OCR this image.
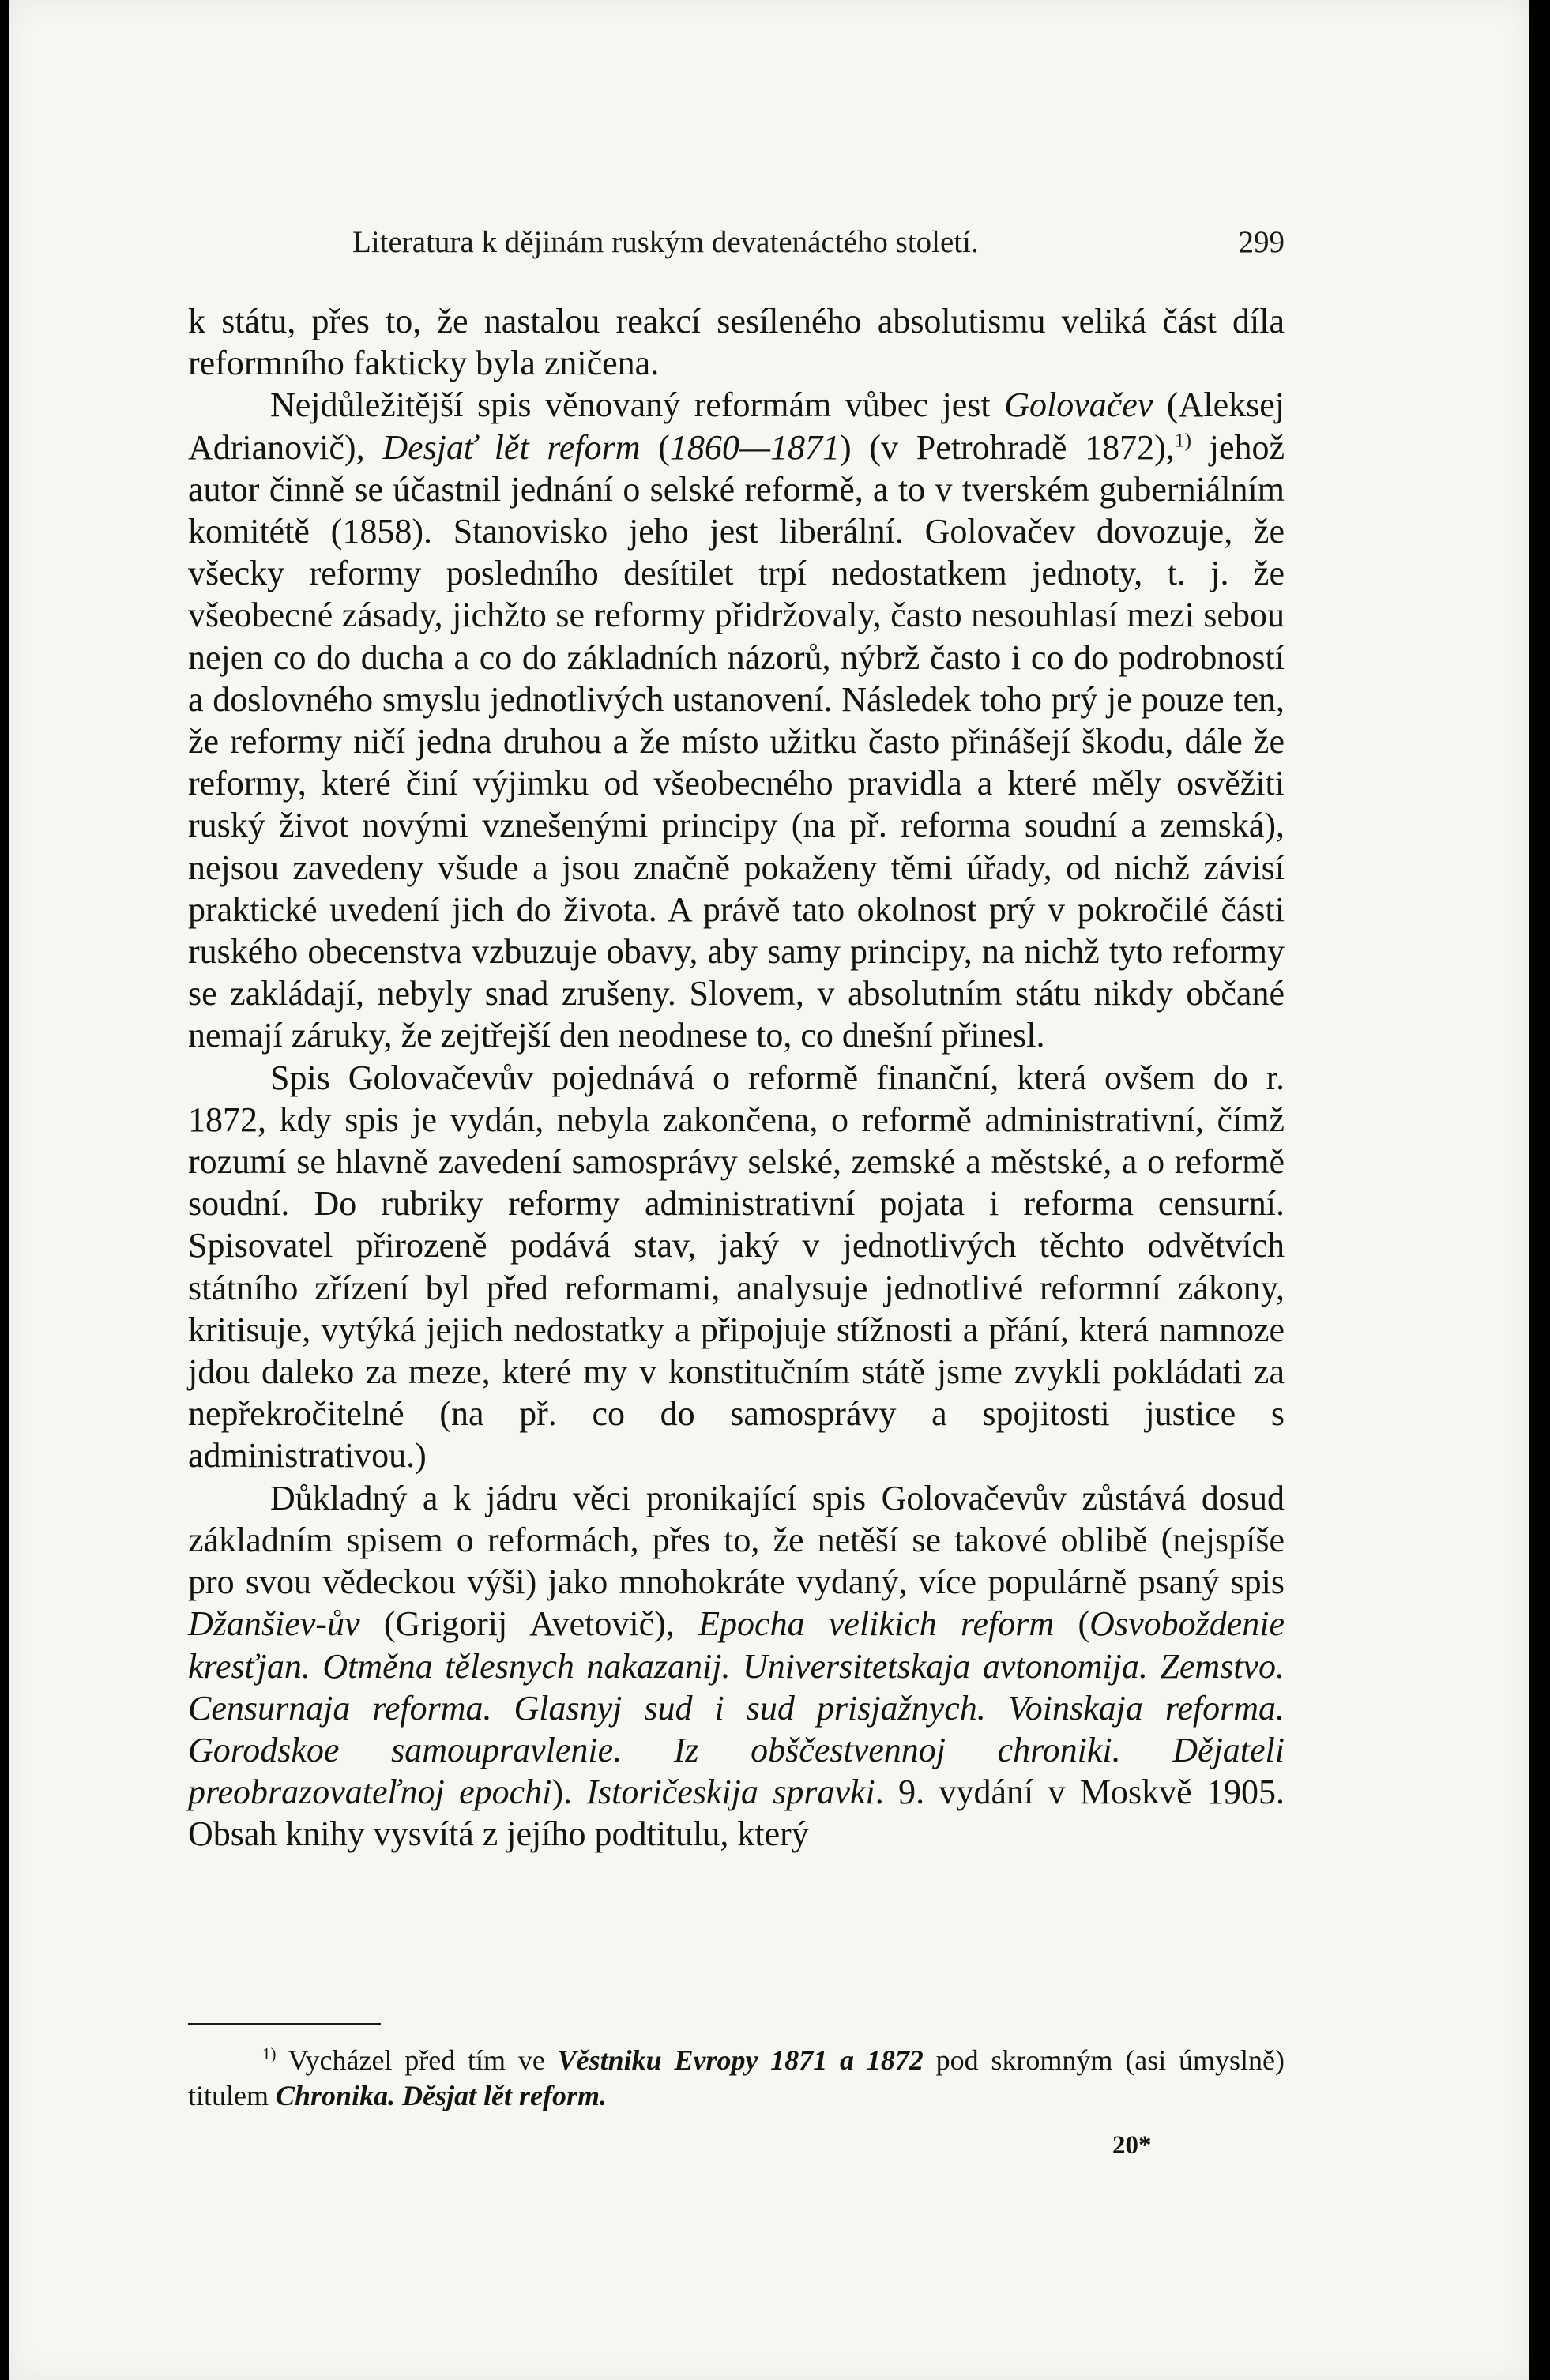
Literatura k dějinám ruským devatenáctého století.	299

k státu, přes to, že nastalou reakcí sesíleného absolutismu veliká část díla reformního fakticky byla zničena.

Nejdůležitější spis věnovaný reformám vůbec jest Golovačev (Aleksej Adrianovič), Desjať lět reform (1860—1871) (v Petrohradě 1872),$^{1)}$ jehož autor činně se účastnil jednání o selské reformě, a to v tverském guberniálním komitétě (1858). Stanovisko jeho jest liberální. Golovačev dovozuje, že všecky reformy posledního desítilet trpí nedostatkem jednoty, t. j. že všeobecné zásady, jichžto se reformy přidržovaly, často nesouhlasí mezi sebou nejen co do ducha a co do základních názorů, nýbrž často i co do podrobností a doslovného smyslu jednotlivých ustanovení. Následek toho prý je pouze ten, že reformy ničí jedna druhou a že místo užitku často přinášejí škodu, dále že reformy, které činí výjimku od všeobecného pravidla a které měly osvěžiti ruský život novými vznešenými principy (na př. reforma soudní a zemská), nejsou zavedeny všude a jsou značně pokaženy těmi úřady, od nichž závisí praktické uvedení jich do života. A právě tato okolnost prý v pokročilé části ruského obecenstva vzbuzuje obavy, aby samy principy, na nichž tyto reformy se zakládají, nebyly snad zrušeny. Slovem, v absolutním státu nikdy občané nemají záruky, že zejtřejší den neodnese to, co dnešní přinesl.

Spis Golovačevův pojednává o reformě finanční, která ovšem do r. 1872, kdy spis je vydán, nebyla zakončena, o reformě administrativní, čímž rozumí se hlavně zavedení samosprávy selské, zemské a městské, a o reformě soudní. Do rubriky reformy administrativní pojata i reforma censurní. Spisovatel přirozeně podává stav, jaký v jednotlivých těchto odvětvích státního zřízení byl před reformami, analysuje jednotlivé reformní zákony, kritisuje, vytýká jejich nedostatky a připojuje stížnosti a přání, která namnoze jdou daleko za meze, které my v konstitučním státě jsme zvykli pokládati za nepřekročitelné (na př. co do samosprávy a spojitosti justice s administrativou.)

Důkladný a k jádru věci pronikající spis Golovačevův zůstává dosud základním spisem o reformách, přes to, že netěší se takové oblibě (nejspíše pro svou vědeckou výši) jako mnohokráte vydaný, více populárně psaný spis Džanšiev-ův (Grigorij Avetovič), Epocha velikich reform (Osvoboždenie kresťjan. Otměna tělesnych nakazanij. Universitetskaja avtonomija. Zemstvo. Censurnaja reforma. Glasnyj sud i sud prisjažnych. Voinskaja reforma. Gorodskoe samoupravlenie. Iz obščestvennoj chroniki. Dějateli preobrazovateľnoj epochi). Istoričeskija spravki. 9. vydání v Moskvě 1905. Obsah knihy vysvítá z jejího podtitulu, který

$^{1)}$ Vycházel před tím ve Věstniku Evropy 1871 a 1872 pod skromným (asi úmyslně) titulem Chronika. Děsjat lět reform.
20*
